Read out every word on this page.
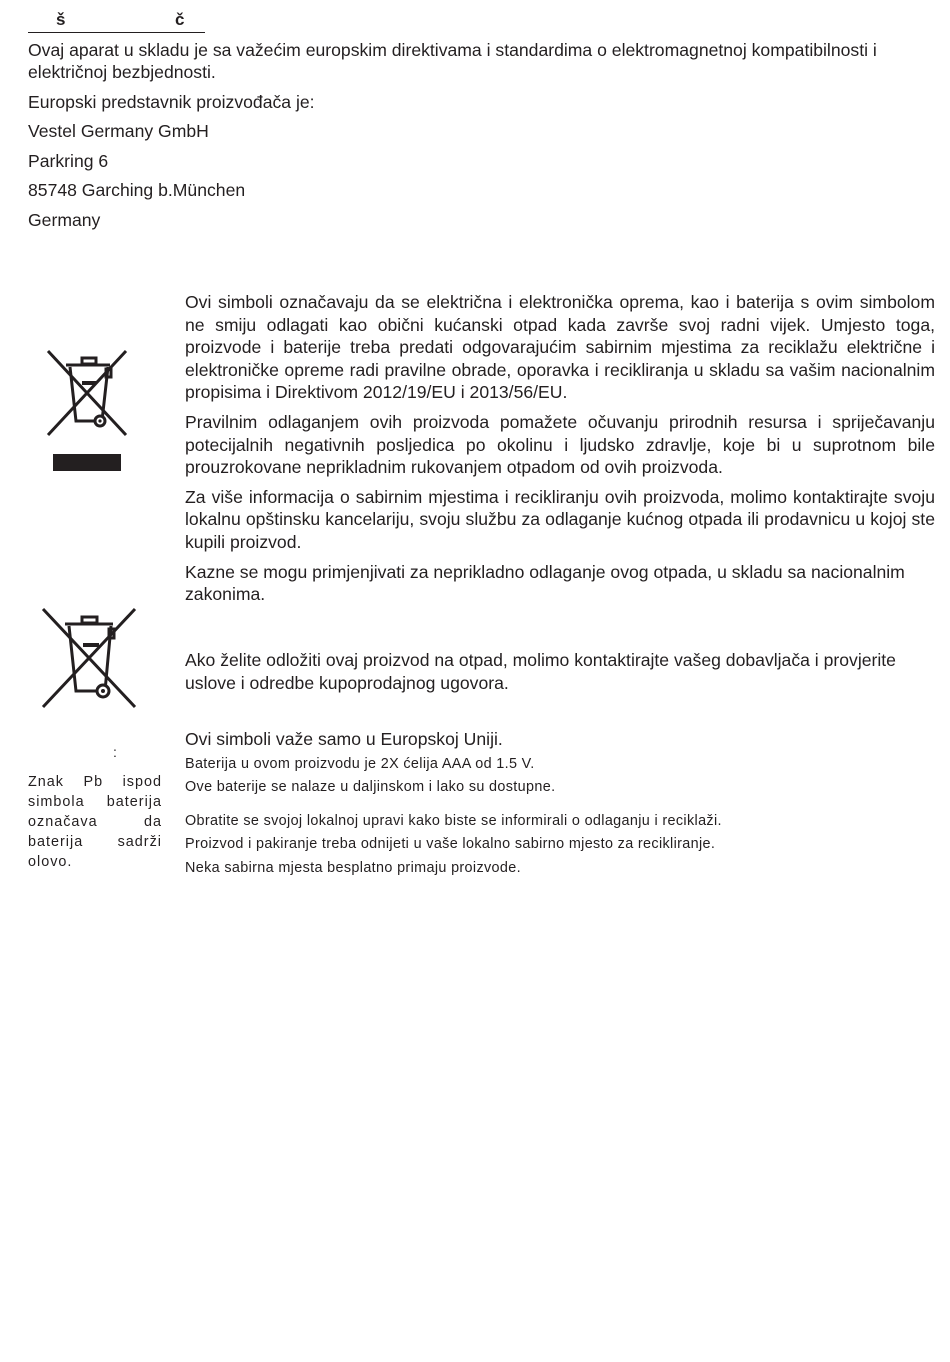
š	č

Ovaj aparat u skladu je sa važećim europskim direktivama i standardima o elektromagnetnoj kompatibilnosti i električnoj bezbjednosti.

Europski predstavnik proizvođača je:

Vestel Germany GmbH

Parkring 6

85748 Garching b.München

Germany

Ovi simboli označavaju da se električna i elektronička oprema, kao i baterija s ovim simbolom ne smiju odlagati kao obični kućanski otpad kada završe svoj radni vijek. Umjesto toga, proizvode i baterije treba predati odgovarajućim sabirnim mjestima za reciklažu električne i elektroničke opreme radi pravilne obrade, oporavka i recikliranja u skladu sa vašim nacionalnim propisima i Direktivom 2012/19/EU i 2013/56/EU.

Pravilnim odlaganjem ovih proizvoda pomažete očuvanju prirodnih resursa i spriječavanju potecijalnih negativnih posljedica po okolinu i ljudsko zdravlje, koje bi u suprotnom bile prouzrokovane neprikladnim rukovanjem otpadom od ovih proizvoda.

Za više informacija o sabirnim mjestima i recikliranju ovih proizvoda, molimo kontaktirajte svoju lokalnu opštinsku kancelariju, svoju službu za odlaganje kućnog otpada ili prodavnicu u kojoj ste kupili proizvod.

Kazne se mogu primjenjivati za neprikladno odlaganje ovog otpada, u skladu sa nacionalnim zakonima.

Ako želite odložiti ovaj proizvod na otpad, molimo kontaktirajte vašeg dobavljača i provjerite uslove i odredbe kupoprodajnog ugovora.
Ovi simboli važe samo u Europskoj Uniji.
:
Znak Pb ispod simbola baterija označava da baterija sadrži olovo.
Baterija u ovom proizvodu je 2X ćelija AAA od 1.5 V.
Ove baterije se nalaze u daljinskom i lako su dostupne.
Obratite se svojoj lokalnoj upravi kako biste se informirali o odlaganju i reciklaži.
Proizvod i pakiranje treba odnijeti u vaše lokalno sabirno mjesto za recikliranje.
Neka sabirna mjesta besplatno primaju proizvode.
